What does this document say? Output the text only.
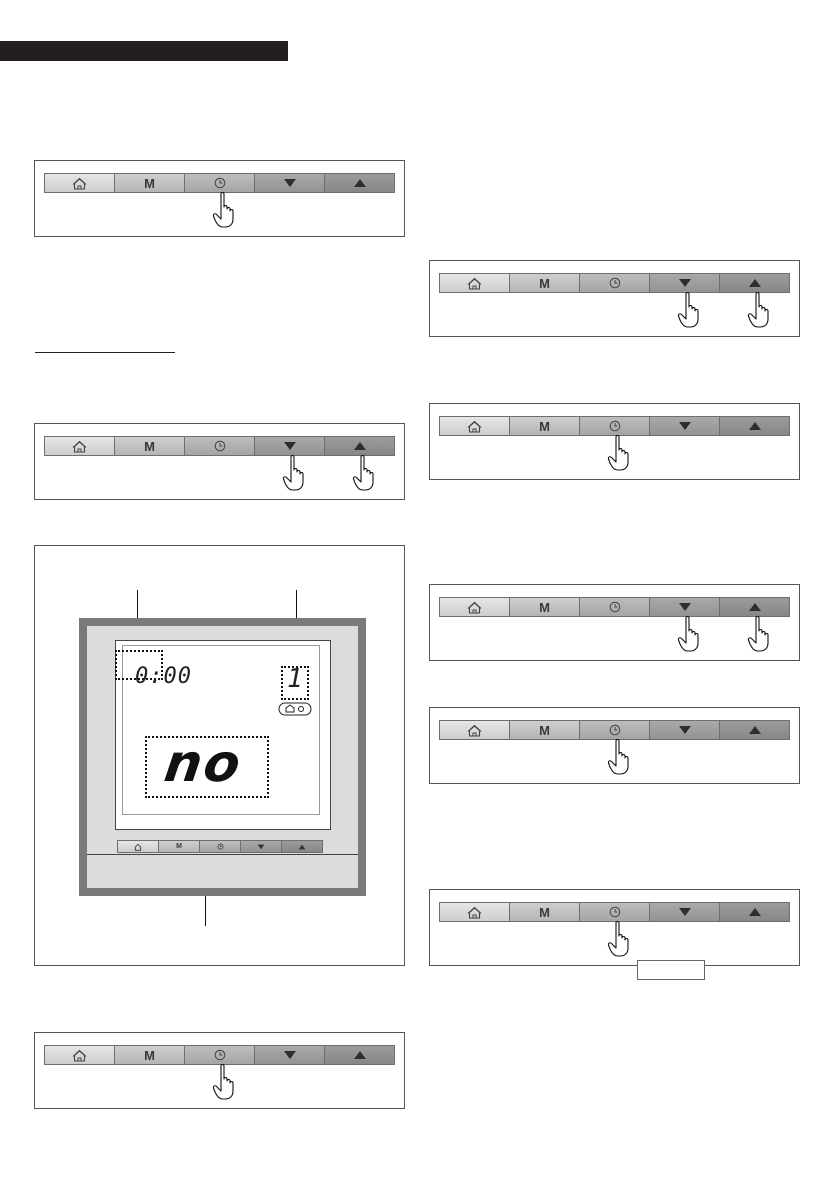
M
M
M
M
M
M
M
M
0:00	1
no
M
